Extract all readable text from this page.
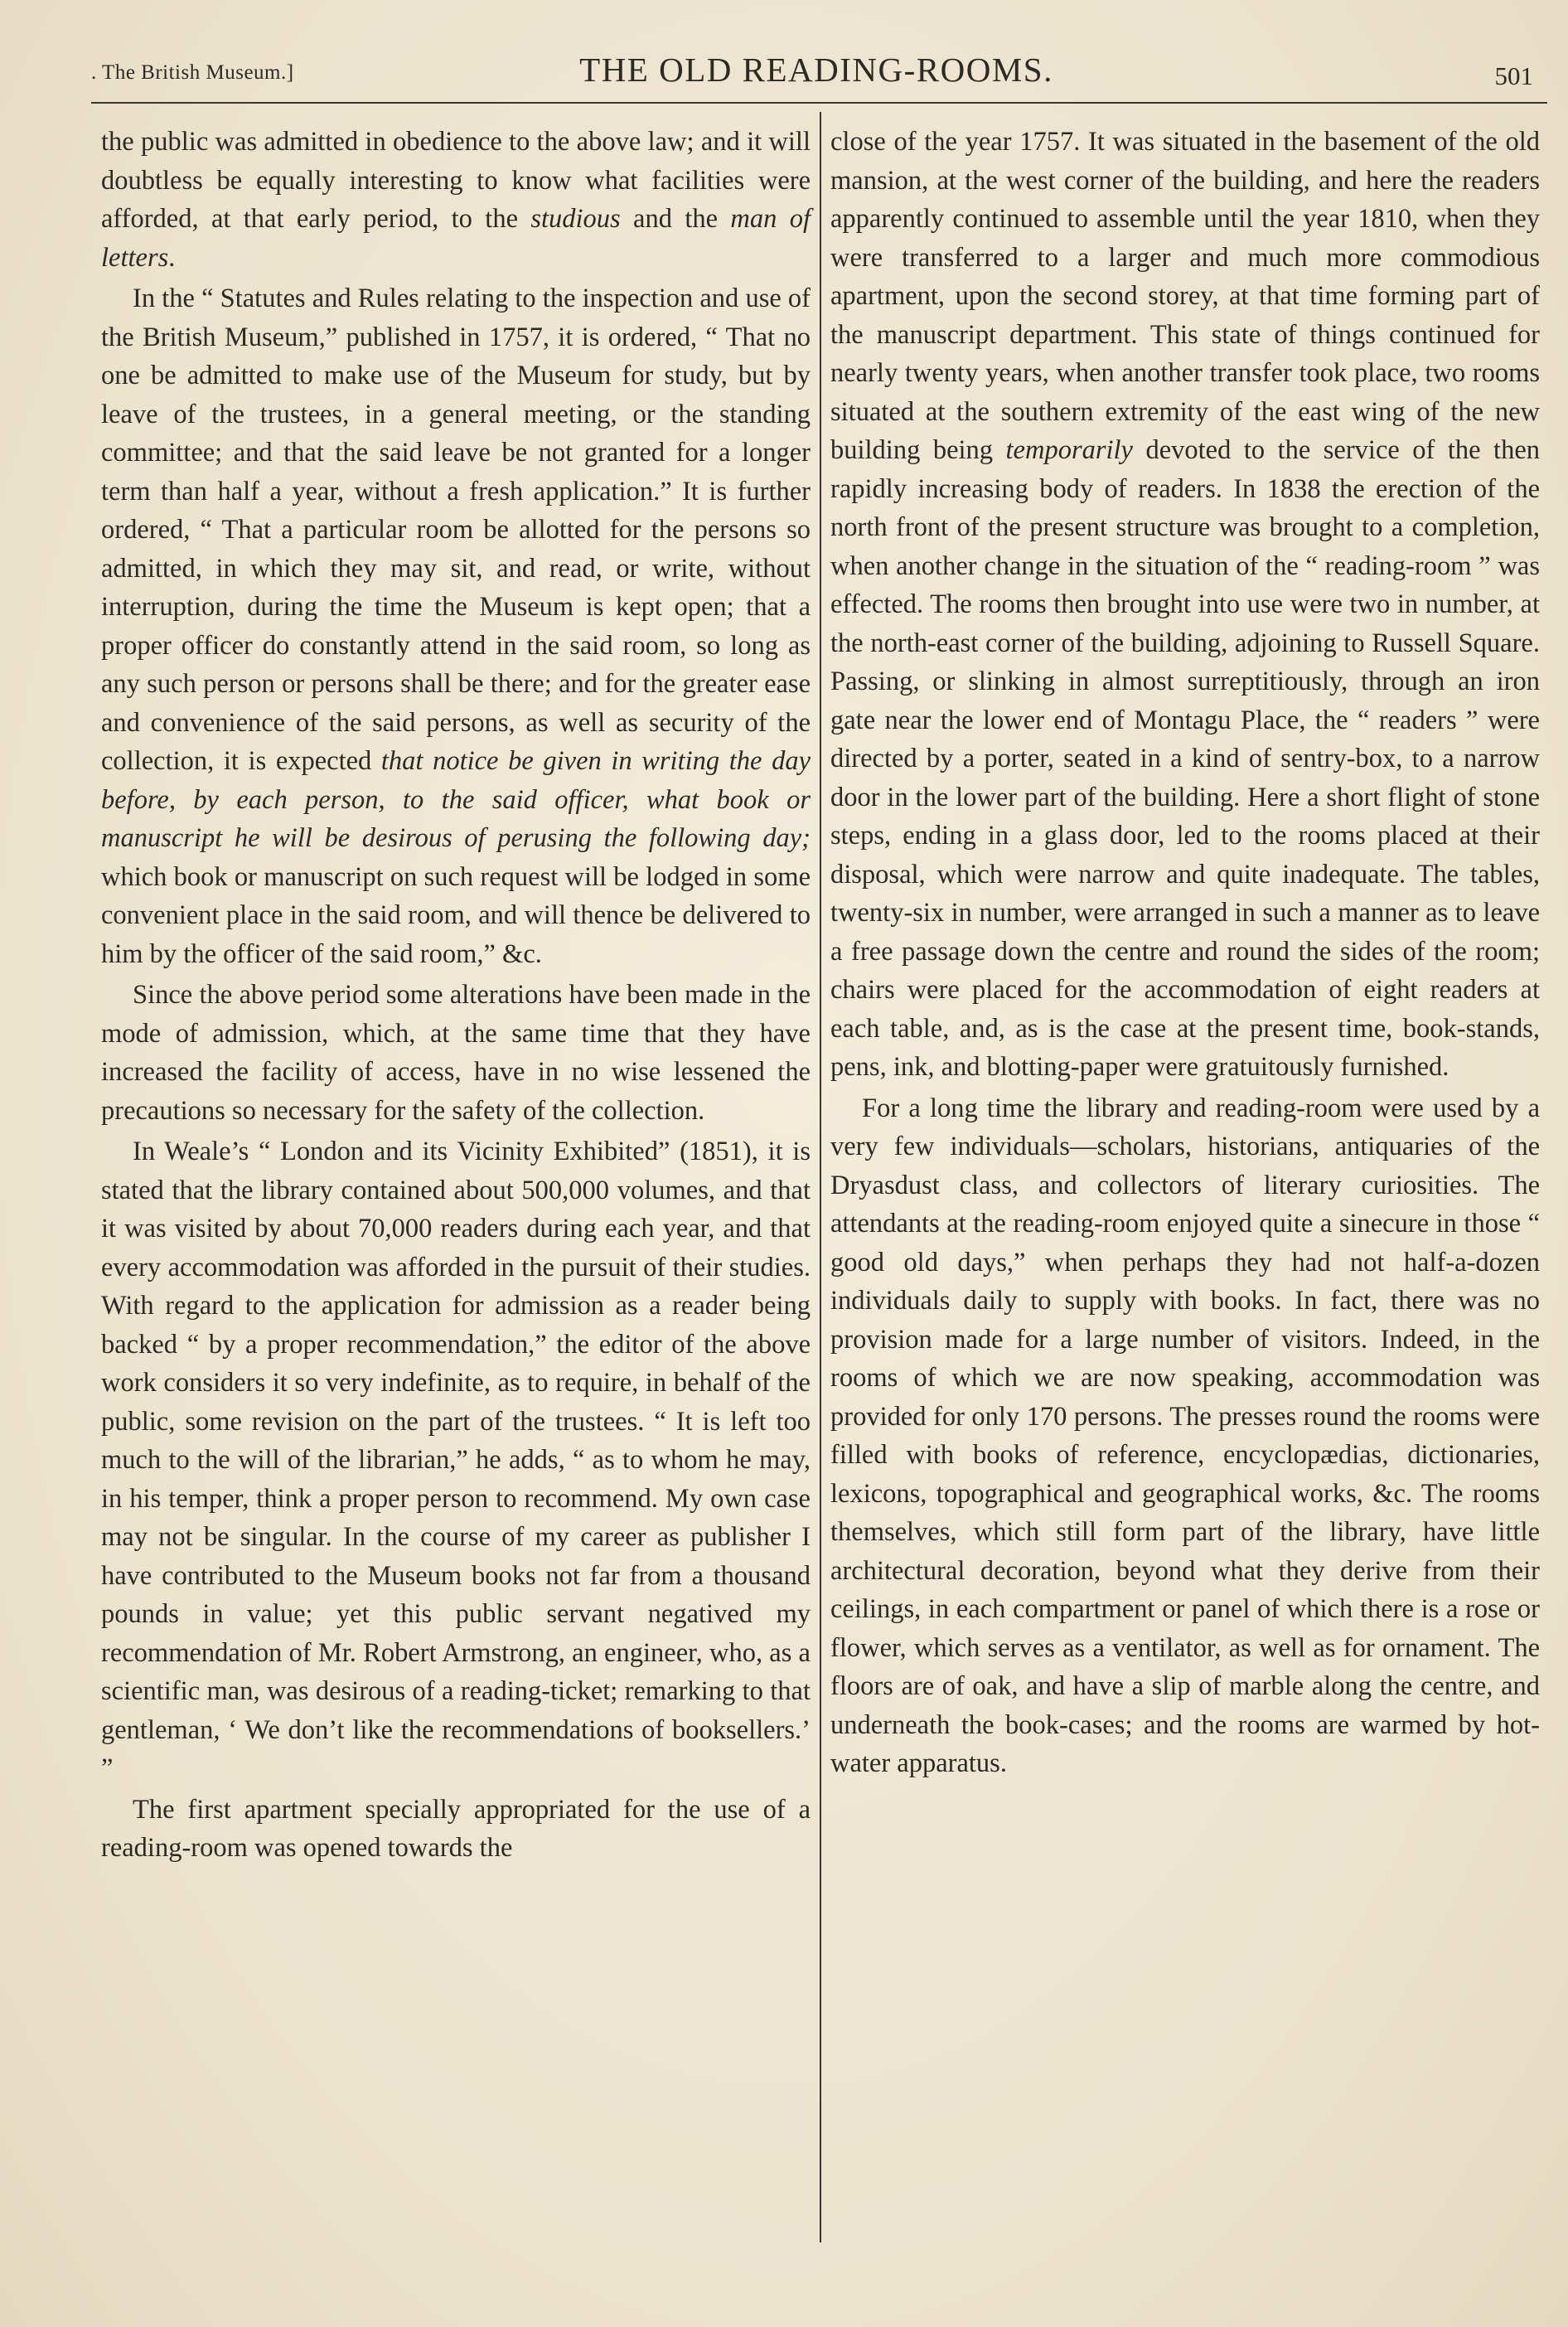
. The British Museum.]	THE OLD READING-ROOMS.	501

the public was admitted in obedience to the above law; and it will doubtless be equally interesting to know what facilities were afforded, at that early period, to the studious and the man of letters.

In the “ Statutes and Rules relating to the inspection and use of the British Museum,” published in 1757, it is ordered, “ That no one be admitted to make use of the Museum for study, but by leave of the trustees, in a general meeting, or the standing committee; and that the said leave be not granted for a longer term than half a year, without a fresh application.” It is further ordered, “ That a particular room be allotted for the persons so admitted, in which they may sit, and read, or write, without interruption, during the time the Museum is kept open; that a proper officer do constantly attend in the said room, so long as any such person or persons shall be there; and for the greater ease and convenience of the said persons, as well as security of the collection, it is expected that notice be given in writing the day before, by each person, to the said officer, what book or manuscript he will be desirous of perusing the following day; which book or manuscript on such request will be lodged in some convenient place in the said room, and will thence be delivered to him by the officer of the said room,” &c.

Since the above period some alterations have been made in the mode of admission, which, at the same time that they have increased the facility of access, have in no wise lessened the precautions so necessary for the safety of the collection.

In Weale’s “ London and its Vicinity Exhibited” (1851), it is stated that the library contained about 500,000 volumes, and that it was visited by about 70,000 readers during each year, and that every accommodation was afforded in the pursuit of their studies. With regard to the application for admission as a reader being backed “ by a proper recommendation,” the editor of the above work considers it so very indefinite, as to require, in behalf of the public, some revision on the part of the trustees. “ It is left too much to the will of the librarian,” he adds, “ as to whom he may, in his temper, think a proper person to recommend. My own case may not be singular. In the course of my career as publisher I have contributed to the Museum books not far from a thousand pounds in value; yet this public servant negatived my recommendation of Mr. Robert Armstrong, an engineer, who, as a scientific man, was desirous of a reading-ticket; remarking to that gentleman, ‘ We don’t like the recommendations of booksellers.’ ”

The first apartment specially appropriated for the use of a reading-room was opened towards the

close of the year 1757. It was situated in the basement of the old mansion, at the west corner of the building, and here the readers apparently continued to assemble until the year 1810, when they were transferred to a larger and much more commodious apartment, upon the second storey, at that time forming part of the manuscript department. This state of things continued for nearly twenty years, when another transfer took place, two rooms situated at the southern extremity of the east wing of the new building being temporarily devoted to the service of the then rapidly increasing body of readers. In 1838 the erection of the north front of the present structure was brought to a completion, when another change in the situation of the “ reading-room ” was effected. The rooms then brought into use were two in number, at the north-east corner of the building, adjoining to Russell Square. Passing, or slinking in almost surreptitiously, through an iron gate near the lower end of Montagu Place, the “ readers ” were directed by a porter, seated in a kind of sentry-box, to a narrow door in the lower part of the building. Here a short flight of stone steps, ending in a glass door, led to the rooms placed at their disposal, which were narrow and quite inadequate. The tables, twenty-six in number, were arranged in such a manner as to leave a free passage down the centre and round the sides of the room; chairs were placed for the accommodation of eight readers at each table, and, as is the case at the present time, book-stands, pens, ink, and blotting-paper were gratuitously furnished.

For a long time the library and reading-room were used by a very few individuals—scholars, historians, antiquaries of the Dryasdust class, and collectors of literary curiosities. The attendants at the reading-room enjoyed quite a sinecure in those “ good old days,” when perhaps they had not half-a-dozen individuals daily to supply with books. In fact, there was no provision made for a large number of visitors. Indeed, in the rooms of which we are now speaking, accommodation was provided for only 170 persons. The presses round the rooms were filled with books of reference, encyclopædias, dictionaries, lexicons, topographical and geographical works, &c. The rooms themselves, which still form part of the library, have little architectural decoration, beyond what they derive from their ceilings, in each compartment or panel of which there is a rose or flower, which serves as a ventilator, as well as for ornament. The floors are of oak, and have a slip of marble along the centre, and underneath the book-cases; and the rooms are warmed by hot-water apparatus.
